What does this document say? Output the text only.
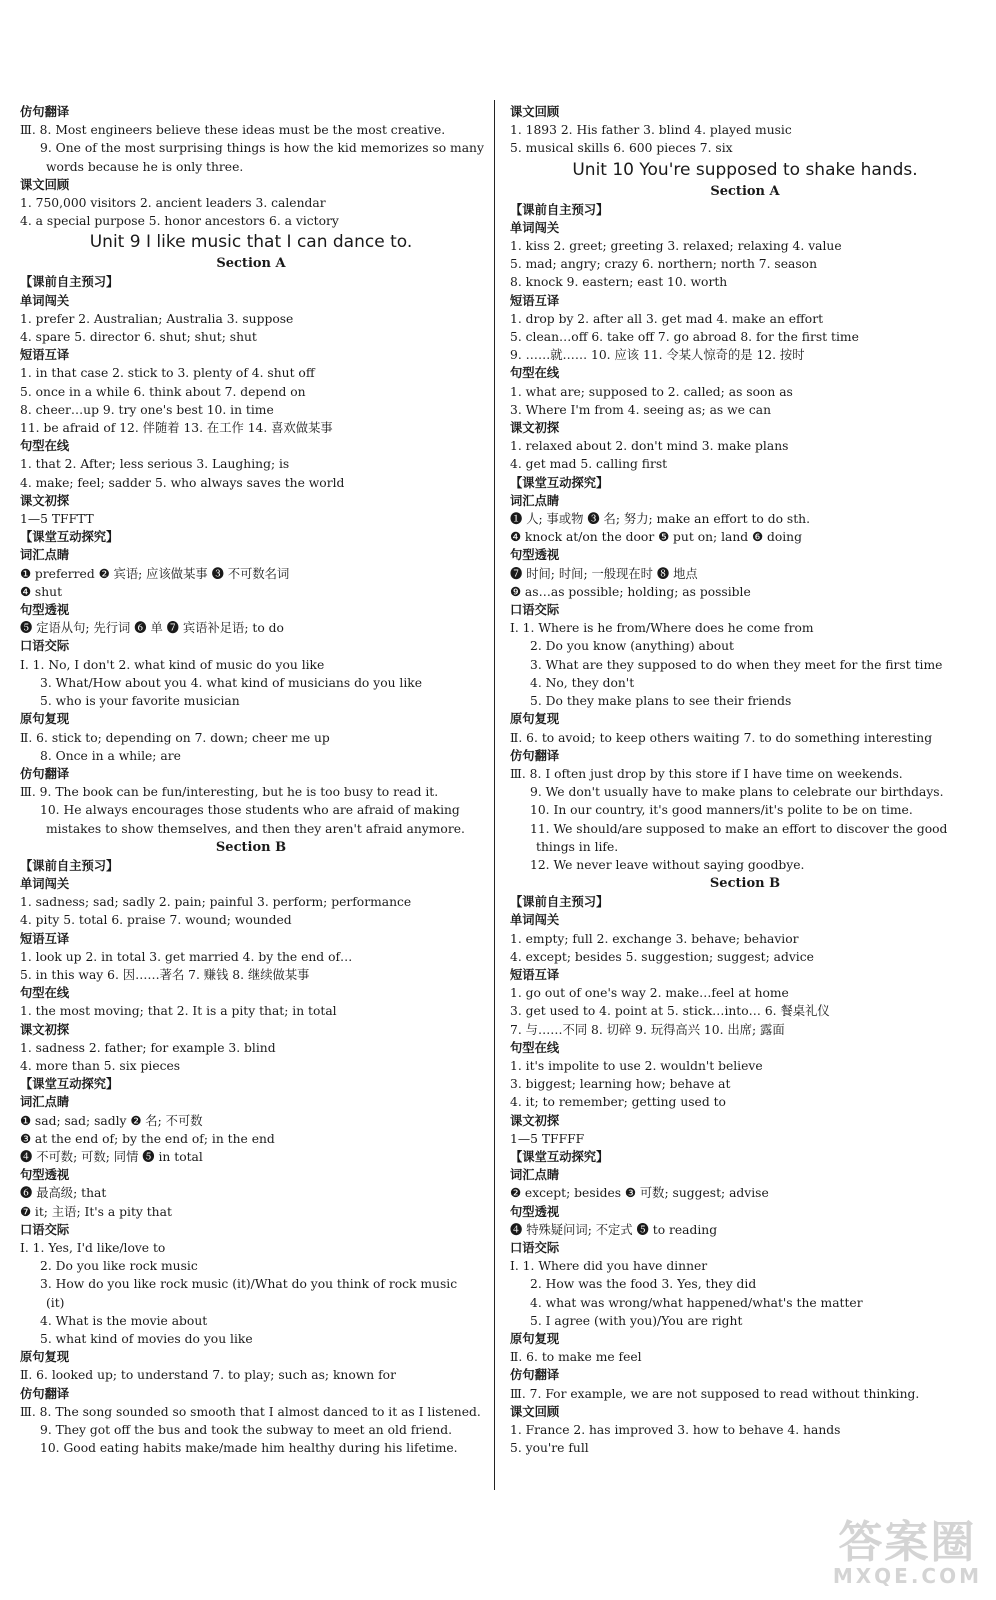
仿句翻译
Ⅲ. 8. Most engineers believe these ideas must be the most creative.
9. One of the most surprising things is how the kid memorizes so many
words because he is only three.
课文回顾
1. 750,000 visitors 2. ancient leaders 3. calendar
4. a special purpose 5. honor ancestors 6. a victory
Unit 9 I like music that I can dance to.
Section A
【课前自主预习】
单词闯关
1. prefer 2. Australian; Australia 3. suppose
4. spare 5. director 6. shut; shut; shut
短语互译
1. in that case 2. stick to 3. plenty of 4. shut off
5. once in a while 6. think about 7. depend on
8. cheer…up 9. try one's best 10. in time
11. be afraid of 12. 伴随着 13. 在工作 14. 喜欢做某事
句型在线
1. that 2. After; less serious 3. Laughing; is
4. make; feel; sadder 5. who always saves the world
课文初探
1—5 TFFTT
【课堂互动探究】
词汇点睛
❶ preferred ❷ 宾语; 应该做某事 ❸ 不可数名词
❹ shut
句型透视
❺ 定语从句; 先行词 ❻ 单 ❼ 宾语补足语; to do
口语交际
Ⅰ. 1. No, I don't 2. what kind of music do you like
3. What/How about you 4. what kind of musicians do you like
5. who is your favorite musician
原句复现
Ⅱ. 6. stick to; depending on 7. down; cheer me up
8. Once in a while; are
仿句翻译
Ⅲ. 9. The book can be fun/interesting, but he is too busy to read it.
10. He always encourages those students who are afraid of making
mistakes to show themselves, and then they aren't afraid anymore.
Section B
【课前自主预习】
单词闯关
1. sadness; sad; sadly 2. pain; painful 3. perform; performance
4. pity 5. total 6. praise 7. wound; wounded
短语互译
1. look up 2. in total 3. get married 4. by the end of…
5. in this way 6. 因……著名 7. 赚钱 8. 继续做某事
句型在线
1. the most moving; that 2. It is a pity that; in total
课文初探
1. sadness 2. father; for example 3. blind
4. more than 5. six pieces
【课堂互动探究】
词汇点睛
❶ sad; sad; sadly ❷ 名; 不可数
❸ at the end of; by the end of; in the end
❹ 不可数; 可数; 同情 ❺ in total
句型透视
❻ 最高级; that
❼ it; 主语; It's a pity that
口语交际
Ⅰ. 1. Yes, I'd like/love to
2. Do you like rock music
3. How do you like rock music (it)/What do you think of rock music
(it)
4. What is the movie about
5. what kind of movies do you like
原句复现
Ⅱ. 6. looked up; to understand 7. to play; such as; known for
仿句翻译
Ⅲ. 8. The song sounded so smooth that I almost danced to it as I listened.
9. They got off the bus and took the subway to meet an old friend.
10. Good eating habits make/made him healthy during his lifetime.
课文回顾
1. 1893 2. His father 3. blind 4. played music
5. musical skills 6. 600 pieces 7. six
Unit 10 You're supposed to shake hands.
Section A
【课前自主预习】
单词闯关
1. kiss 2. greet; greeting 3. relaxed; relaxing 4. value
5. mad; angry; crazy 6. northern; north 7. season
8. knock 9. eastern; east 10. worth
短语互译
1. drop by 2. after all 3. get mad 4. make an effort
5. clean…off 6. take off 7. go abroad 8. for the first time
9. ……就…… 10. 应该 11. 令某人惊奇的是 12. 按时
句型在线
1. what are; supposed to 2. called; as soon as
3. Where I'm from 4. seeing as; as we can
课文初探
1. relaxed about 2. don't mind 3. make plans
4. get mad 5. calling first
【课堂互动探究】
词汇点睛
❶ 人; 事或物 ❸ 名; 努力; make an effort to do sth.
❹ knock at/on the door ❺ put on; land ❻ doing
句型透视
❼ 时间; 时间; 一般现在时 ❽ 地点
❾ as…as possible; holding; as possible
口语交际
Ⅰ. 1. Where is he from/Where does he come from
2. Do you know (anything) about
3. What are they supposed to do when they meet for the first time
4. No, they don't
5. Do they make plans to see their friends
原句复现
Ⅱ. 6. to avoid; to keep others waiting 7. to do something interesting
仿句翻译
Ⅲ. 8. I often just drop by this store if I have time on weekends.
9. We don't usually have to make plans to celebrate our birthdays.
10. In our country, it's good manners/it's polite to be on time.
11. We should/are supposed to make an effort to discover the good
things in life.
12. We never leave without saying goodbye.
Section B
【课前自主预习】
单词闯关
1. empty; full 2. exchange 3. behave; behavior
4. except; besides 5. suggestion; suggest; advice
短语互译
1. go out of one's way 2. make…feel at home
3. get used to 4. point at 5. stick…into… 6. 餐桌礼仪
7. 与……不同 8. 切碎 9. 玩得高兴 10. 出席; 露面
句型在线
1. it's impolite to use 2. wouldn't believe
3. biggest; learning how; behave at
4. it; to remember; getting used to
课文初探
1—5 TFFFF
【课堂互动探究】
词汇点睛
❷ except; besides ❸ 可数; suggest; advise
句型透视
❹ 特殊疑问词; 不定式 ❺ to reading
口语交际
Ⅰ. 1. Where did you have dinner
2. How was the food 3. Yes, they did
4. what was wrong/what happened/what's the matter
5. I agree (with you)/You are right
原句复现
Ⅱ. 6. to make me feel
仿句翻译
Ⅲ. 7. For example, we are not supposed to read without thinking.
课文回顾
1. France 2. has improved 3. how to behave 4. hands
5. you're full
答案圈
MXQE.COM
